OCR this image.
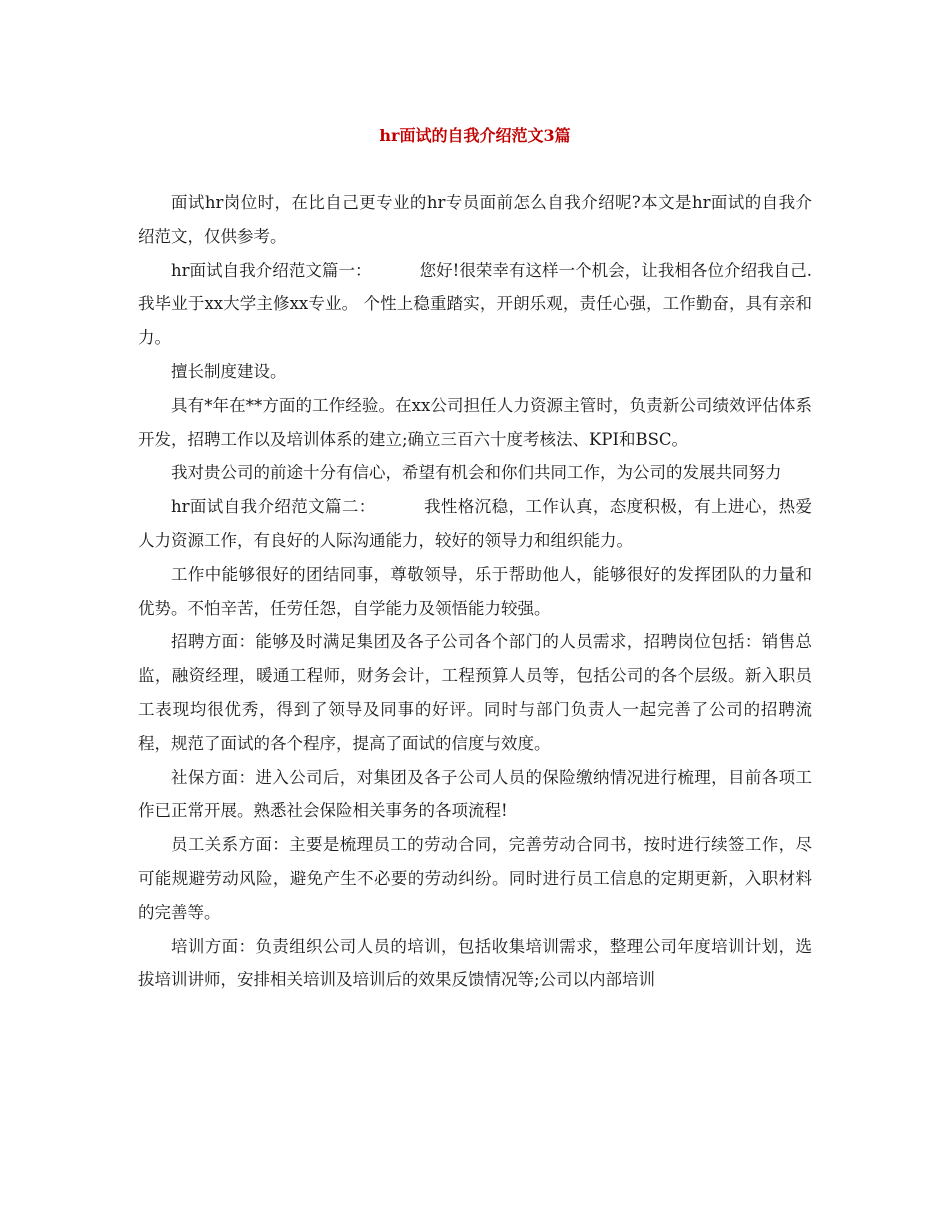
hr面试的自我介绍范文3篇

面试hr岗位时，在比自己更专业的hr专员面前怎么自我介绍呢?本文是hr面试的自我介绍范文，仅供参考。

hr面试自我介绍范文篇一：	您好!很荣幸有这样一个机会，让我相各位介绍我自己.我毕业于xx大学主修xx专业。 个性上稳重踏实，开朗乐观，责任心强，工作勤奋，具有亲和力。

擅长制度建设。

具有*年在**方面的工作经验。在xx公司担任人力资源主管时，负责新公司绩效评估体系开发，招聘工作以及培训体系的建立;确立三百六十度考核法、KPI和BSC。

我对贵公司的前途十分有信心，希望有机会和你们共同工作，为公司的发展共同努力

hr面试自我介绍范文篇二：	我性格沉稳，工作认真，态度积极，有上进心，热爱人力资源工作，有良好的人际沟通能力，较好的领导力和组织能力。

工作中能够很好的团结同事，尊敬领导，乐于帮助他人，能够很好的发挥团队的力量和优势。不怕辛苦，任劳任怨，自学能力及领悟能力较强。

招聘方面：能够及时满足集团及各子公司各个部门的人员需求，招聘岗位包括：销售总监，融资经理，暖通工程师，财务会计，工程预算人员等，包括公司的各个层级。新入职员工表现均很优秀，得到了领导及同事的好评。同时与部门负责人一起完善了公司的招聘流程，规范了面试的各个程序，提高了面试的信度与效度。

社保方面：进入公司后，对集团及各子公司人员的保险缴纳情况进行梳理，目前各项工作已正常开展。熟悉社会保险相关事务的各项流程!

员工关系方面：主要是梳理员工的劳动合同，完善劳动合同书，按时进行续签工作，尽可能规避劳动风险，避免产生不必要的劳动纠纷。同时进行员工信息的定期更新，入职材料的完善等。

培训方面：负责组织公司人员的培训，包括收集培训需求，整理公司年度培训计划，选拔培训讲师，安排相关培训及培训后的效果反馈情况等;公司以内部培训
